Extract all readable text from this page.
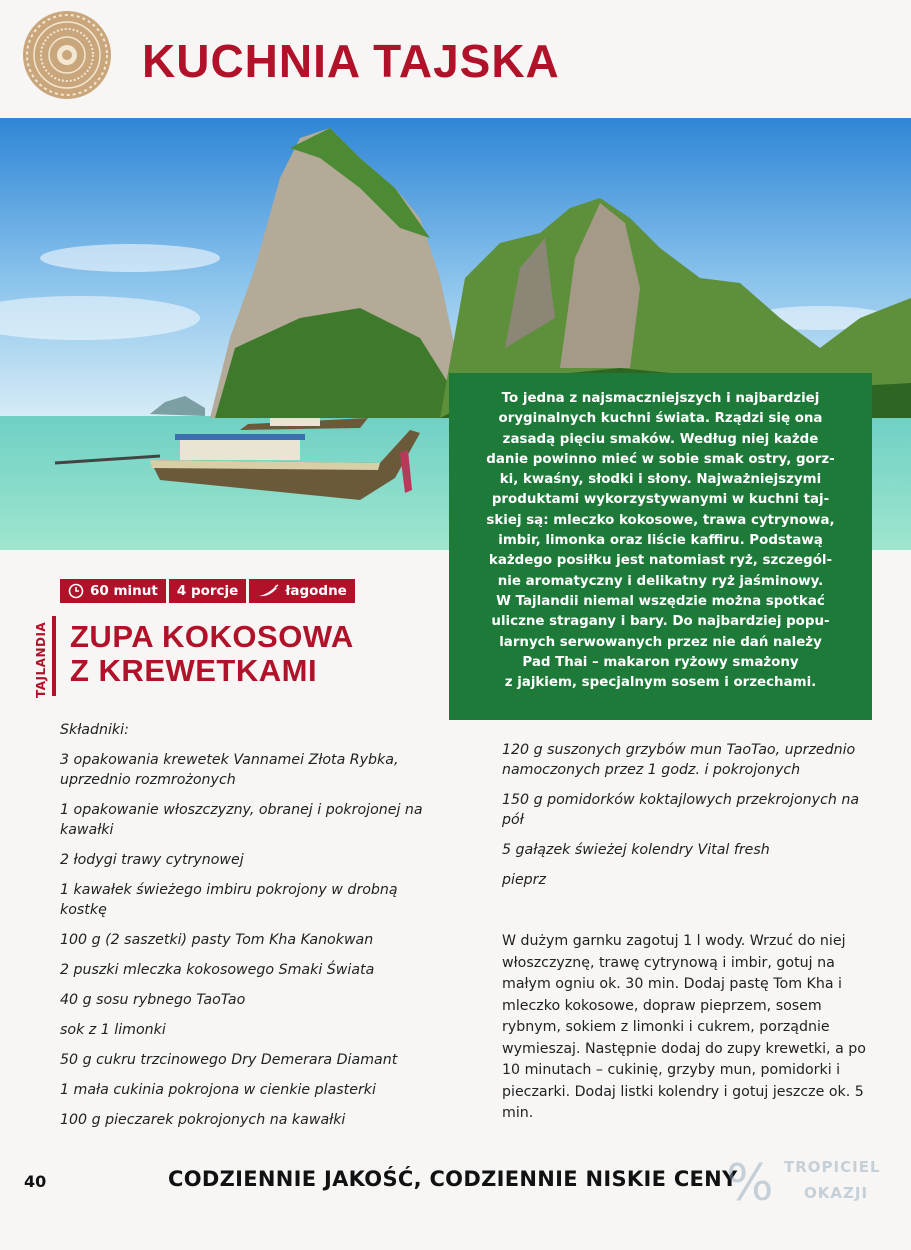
KUCHNIA TAJSKA
To jedna z najsmaczniejszych i najbardziej
oryginalnych kuchni świata. Rządzi się ona
zasadą pięciu smaków. Według niej każde
danie powinno mieć w sobie smak ostry, gorz-
ki, kwaśny, słodki i słony. Najważniejszymi
produktami wykorzystywanymi w kuchni taj-
skiej są: mleczko kokosowe, trawa cytrynowa,
imbir, limonka oraz liście kaffiru. Podstawą
każdego posiłku jest natomiast ryż, szczegól-
nie aromatyczny i delikatny ryż jaśminowy.
W Tajlandii niemal wszędzie można spotkać
uliczne stragany i bary. Do najbardziej popu-
larnych serwowanych przez nie dań należy
Pad Thai – makaron ryżowy smażony
z jajkiem, specjalnym sosem i orzechami.
60 minut 4 porcje	łagodne
TAJLANDIA ZUPA KOKOSOWA
Z KREWETKAMI
Składniki:
3 opakowania krewetek Vannamei Złota Rybka, uprzednio rozmrożonych
1 opakowanie włoszczyzny, obranej i pokrojonej na kawałki
2 łodygi trawy cytrynowej
1 kawałek świeżego imbiru pokrojony w drobną kostkę
100 g (2 saszetki) pasty Tom Kha Kanokwan
2 puszki mleczka kokosowego Smaki Świata
40 g sosu rybnego TaoTao
sok z 1 limonki
50 g cukru trzcinowego Dry Demerara Diamant
1 mała cukinia pokrojona w cienkie plasterki
100 g pieczarek pokrojonych na kawałki
120 g suszonych grzybów mun TaoTao, uprzednio namoczonych przez 1 godz. i pokrojonych
150 g pomidorków koktajlowych przekrojonych na pół
5 gałązek świeżej kolendry Vital fresh
pieprz
W dużym garnku zagotuj 1 l wody. Wrzuć do niej włoszczyznę, trawę cytrynową i imbir, gotuj na małym ogniu ok. 30 min. Dodaj pastę Tom Kha i mleczko kokosowe, dopraw pieprzem, sosem rybnym, sokiem z limonki i cukrem, porządnie wymieszaj. Następnie dodaj do zupy krewetki, a po 10 minutach – cukinię, grzyby mun, pomidorki i pieczarki. Dodaj listki kolendry i gotuj jeszcze ok. 5 min.
40	CODZIENNIE JAKOŚĆ, CODZIENNIE NISKIE CENY
% TROPICIEL
OKAZJI
